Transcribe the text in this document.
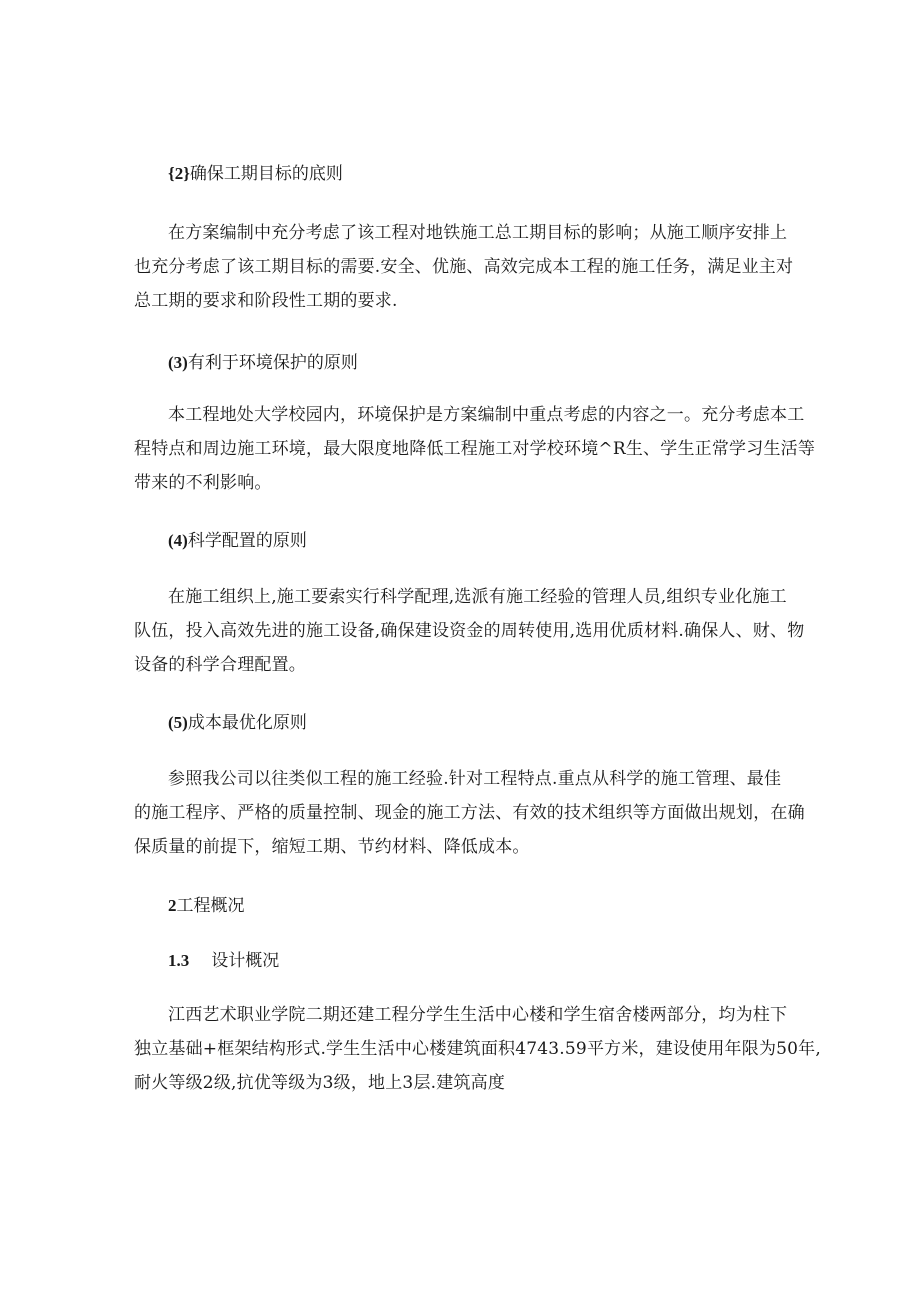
{2}确保工期目标的底则
在方案编制中充分考虑了该工程对地铁施工总工期目标的影响；从施工顺序安排上
也充分考虑了该工期目标的需要.安全、优施、高效完成本工程的施工任务，满足业主对
总工期的要求和阶段性工期的要求.
(3)有利于环境保护的原则
本工程地处大学校园内，环境保护是方案编制中重点考虑的内容之一。充分考虑本工
程特点和周边施工环境，最大限度地降低工程施工对学校环境^R生、学生正常学习生活等
带来的不利影响。
(4)科学配置的原则
在施工组织上,施工要索实行科学配理,选派有施工经验的管理人员,组织专业化施工
队伍，投入高效先进的施工设备,确保建设资金的周转使用,选用优质材料.确保人、财、物
设备的科学合理配置。
(5)成本最优化原则
参照我公司以往类似工程的施工经验.针对工程特点.重点从科学的施工管理、最佳
的施工程序、严格的质量控制、现金的施工方法、有效的技术组织等方面做出规划，在确
保质量的前提下，缩短工期、节约材料、降低成本。
2工程概况
1.3 设计概况
江西艺术职业学院二期还建工程分学生生活中心楼和学生宿舍楼两部分，均为柱下
独立基础+框架结构形式.学生生活中心楼建筑面积4743.59平方米，建设使用年限为50年,
耐火等级2级,抗优等级为3级，地上3层.建筑高度
